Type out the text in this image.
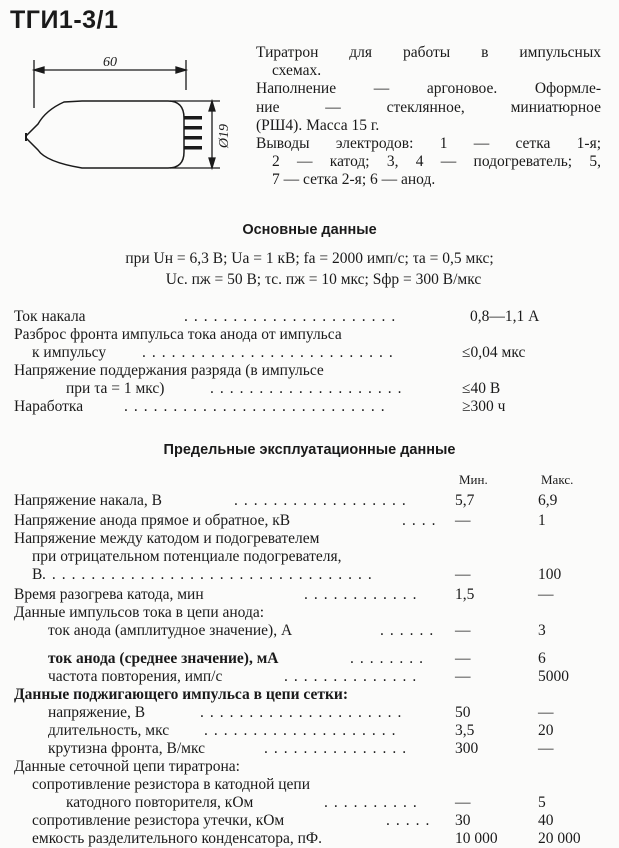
ТГИ1-3/1
60
Ø19
Тиратрон для работы в импульсных
схемах.
Наполнение — аргоновое. Оформле-
ние — стеклянное, миниатюрное
(РШ4). Масса 15 г.
Выводы электродов: 1 — сетка 1-я;
2 — катод; 3, 4 — подогреватель; 5,
7 — сетка 2-я; 6 — анод.
Основные данные
при Uн = 6,3 В; Uа = 1 кВ; fа = 2000 имп/с; τа = 0,5 мкс;
Uс. пж = 50 В; τс. пж = 10 мкс; Sфр = 300 В/мкс
Ток накала	......................	0,8—1,1 А
Разброс фронта импульса тока анода от импульса
к импульсу ..........................	≤0,04 мкс
Напряжение поддержания разряда (в импульсе
при τа = 1 мкс)	....................	≤40 В
Наработка	...........................	≥300 ч
Предельные эксплуатационные данные
Мин.	Макс.
Напряжение накала, В	..................	5,7	6,9
Напряжение анода прямое и обратное, кВ	.... —	1
Напряжение между катодом и подогревателем
при отрицательном потенциале подогревателя,
В ..................................	—	100
Время разогрева катода, мин	............ 1,5	—
Данные импульсов тока в цепи анода:
ток анода (амплитудное значение), А	...... —	3
ток анода (среднее значение), мА	........ —	6
частота повторения, имп/с	.............. —	5000
Данные поджигающего импульса в цепи сетки:
напряжение, В	.....................	50	—
длительность, мкс ....................	3,5	20
крутизна фронта, В/мкс	...............	300	—
Данные сеточной цепи тиратрона:
сопротивление резистора в катодной цепи
катодного повторителя, кОм	.......... —	5
сопротивление резистора утечки, кОм	..... 30	40
емкость разделительного конденсатора, пФ.	10 000	20 000
